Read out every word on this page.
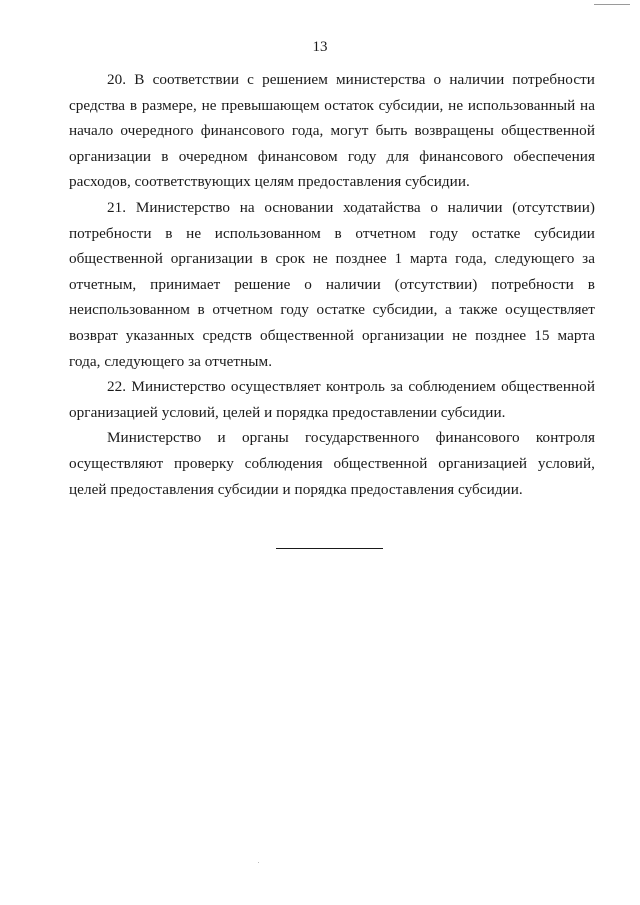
13

20. В соответствии с решением министерства о наличии потребности средства в размере, не превышающем остаток субсидии, не использованный на начало очередного финансового года, могут быть возвращены общественной организации в очередном финансовом году для финансового обеспечения расходов, соответствующих целям предоставления субсидии.

21. Министерство на основании ходатайства о наличии (отсутствии) потребности в не использованном в отчетном году остатке субсидии общественной организации в срок не позднее 1 марта года, следующего за отчетным, принимает решение о наличии (отсутствии) потребности в неиспользованном в отчетном году остатке субсидии, а также осуществляет возврат указанных средств общественной организации не позднее 15 марта года, следующего за отчетным.

22. Министерство осуществляет контроль за соблюдением общественной организацией условий, целей и порядка предоставлении субсидии.

Министерство и органы государственного финансового контроля осуществляют проверку соблюдения общественной организацией условий, целей предоставления субсидии и порядка предоставления субсидии.
